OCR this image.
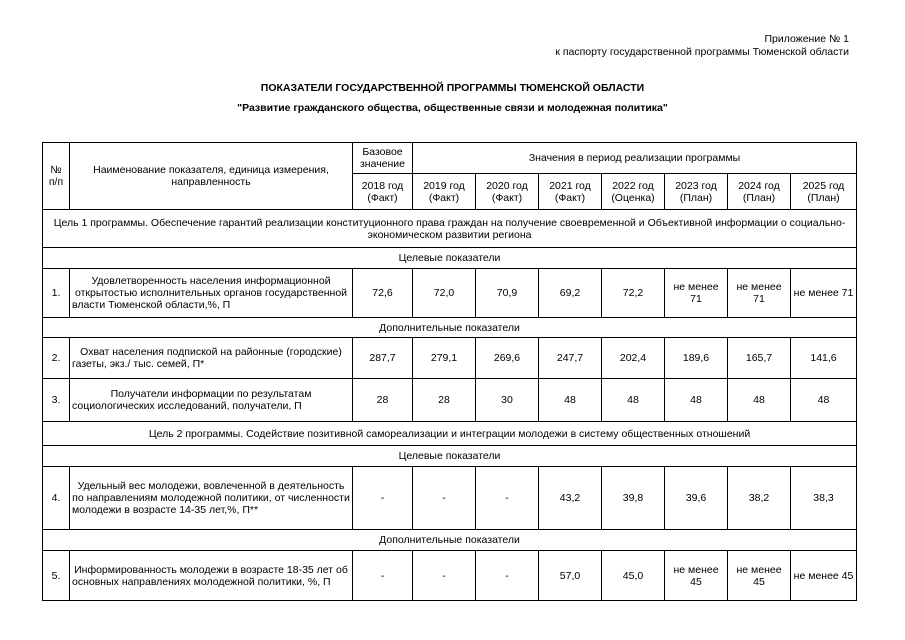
Приложение № 1
к паспорту государственной программы Тюменской области
ПОКАЗАТЕЛИ ГОСУДАРСТВЕННОЙ ПРОГРАММЫ ТЮМЕНСКОЙ ОБЛАСТИ
"Развитие гражданского общества, общественные связи и молодежная политика"
№ п/п	Наименование показателя, единица измерения, направленность	Базовое значение	Значения в период реализации программы						
		2018 год (Факт)	2019 год (Факт)	2020 год (Факт)	2021 год (Факт)	2022 год (Оценка)	2023 год (План)	2024 год (План)	2025 год (План)
Цель 1 программы. Обеспечение гарантий реализации конституционного права граждан на получение своевременной и Объективной информации о социально-экономическом развитии региона									
Целевые показатели									
1.	Удовлетворенность населения информационной открытостью исполнительных органов государственной власти Тюменской области,%, П	72,6	72,0	70,9	69,2	72,2	не менее 71	не менее 71	не менее 71
Дополнительные показатели									
2.	Охват населения подпиской на районные (городские) газеты, экз./ тыс. семей, П*	287,7	279,1	269,6	247,7	202,4	189,6	165,7	141,6
3.	Получатели информации по результатам социологических исследований, получатели, П	28	28	30	48	48	48	48	48
Цель 2 программы. Содействие позитивной самореализации и интеграции молодежи в систему общественных отношений									
Целевые показатели									
4.	Удельный вес молодежи, вовлеченной в деятельность по направлениям молодежной политики, от численности молодежи в возрасте 14-35 лет,%, П**	-	-	-	43,2	39,8	39,6	38,2	38,3
Дополнительные показатели									
5.	Информированность молодежи в возрасте 18-35 лет об основных направлениях молодежной политики, %, П	-	-	-	57,0	45,0	не менее 45	не менее 45	не менее 45
